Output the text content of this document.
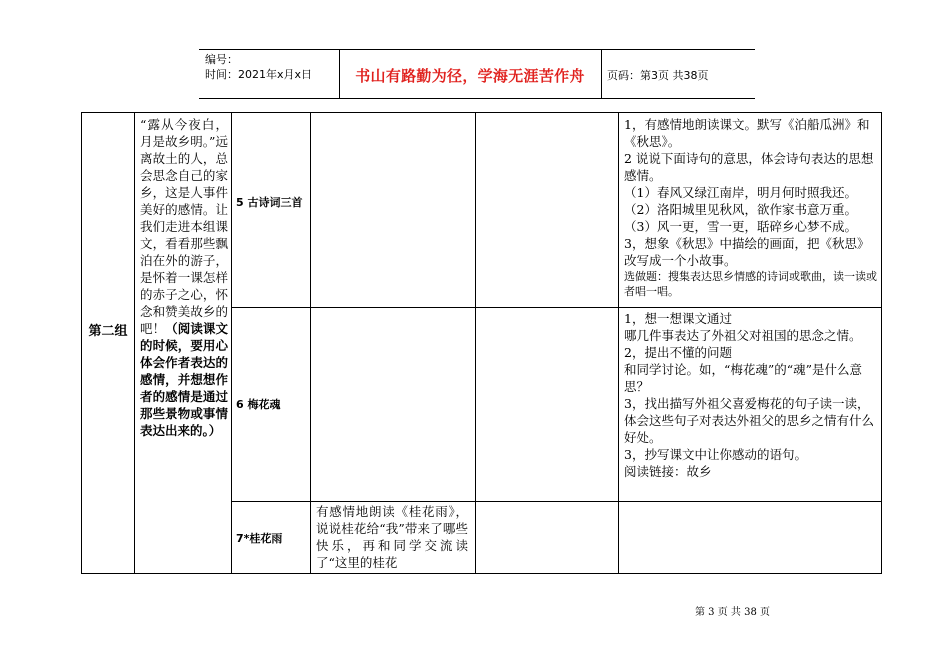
编号：
时间：2021年x月x日	书山有路勤为径，学海无涯苦作舟	页码：第3页 共38页
第二组
“露从今夜白，月是故乡明。”远离故土的人，总会思念自己的家乡，这是人事件美好的感情。让我们走进本组课文，看看那些飘泊在外的游子，是怀着一课怎样的赤子之心，怀念和赞美故乡的吧！（阅读课文的时候，要用心体会作者表达的感情，并想想作者的感情是通过那些景物或事情表达出来的。）
5 古诗词三首
6 梅花魂
7*桂花雨

1，有感情地朗读课文。默写《泊船瓜洲》和《秋思》。

2 说说下面诗句的意思，体会诗句表达的思想感情。

（1）春风又绿江南岸，明月何时照我还。

（2）洛阳城里见秋风，欲作家书意万重。

（3）风一更，雪一更，聒碎乡心梦不成。

3，想象《秋思》中描绘的画面，把《秋思》改写成一个小故事。

选做题：搜集表达思乡情感的诗词或歌曲，读一读或者唱一唱。

1，想一想课文通过

哪几件事表达了外祖父对祖国的思念之情。

2，提出不懂的问题

和同学讨论。如，“梅花魂”的“魂”是什么意思？

3，找出描写外祖父喜爱梅花的句子读一读，体会这些句子对表达外祖父的思乡之情有什么好处。

3，抄写课文中让你感动的语句。

阅读链接：故乡

有感情地朗读《桂花雨》，说说桂花给“我”带来了哪些快乐，再和同学交流读了“这里的桂花
第 3 页 共 38 页
